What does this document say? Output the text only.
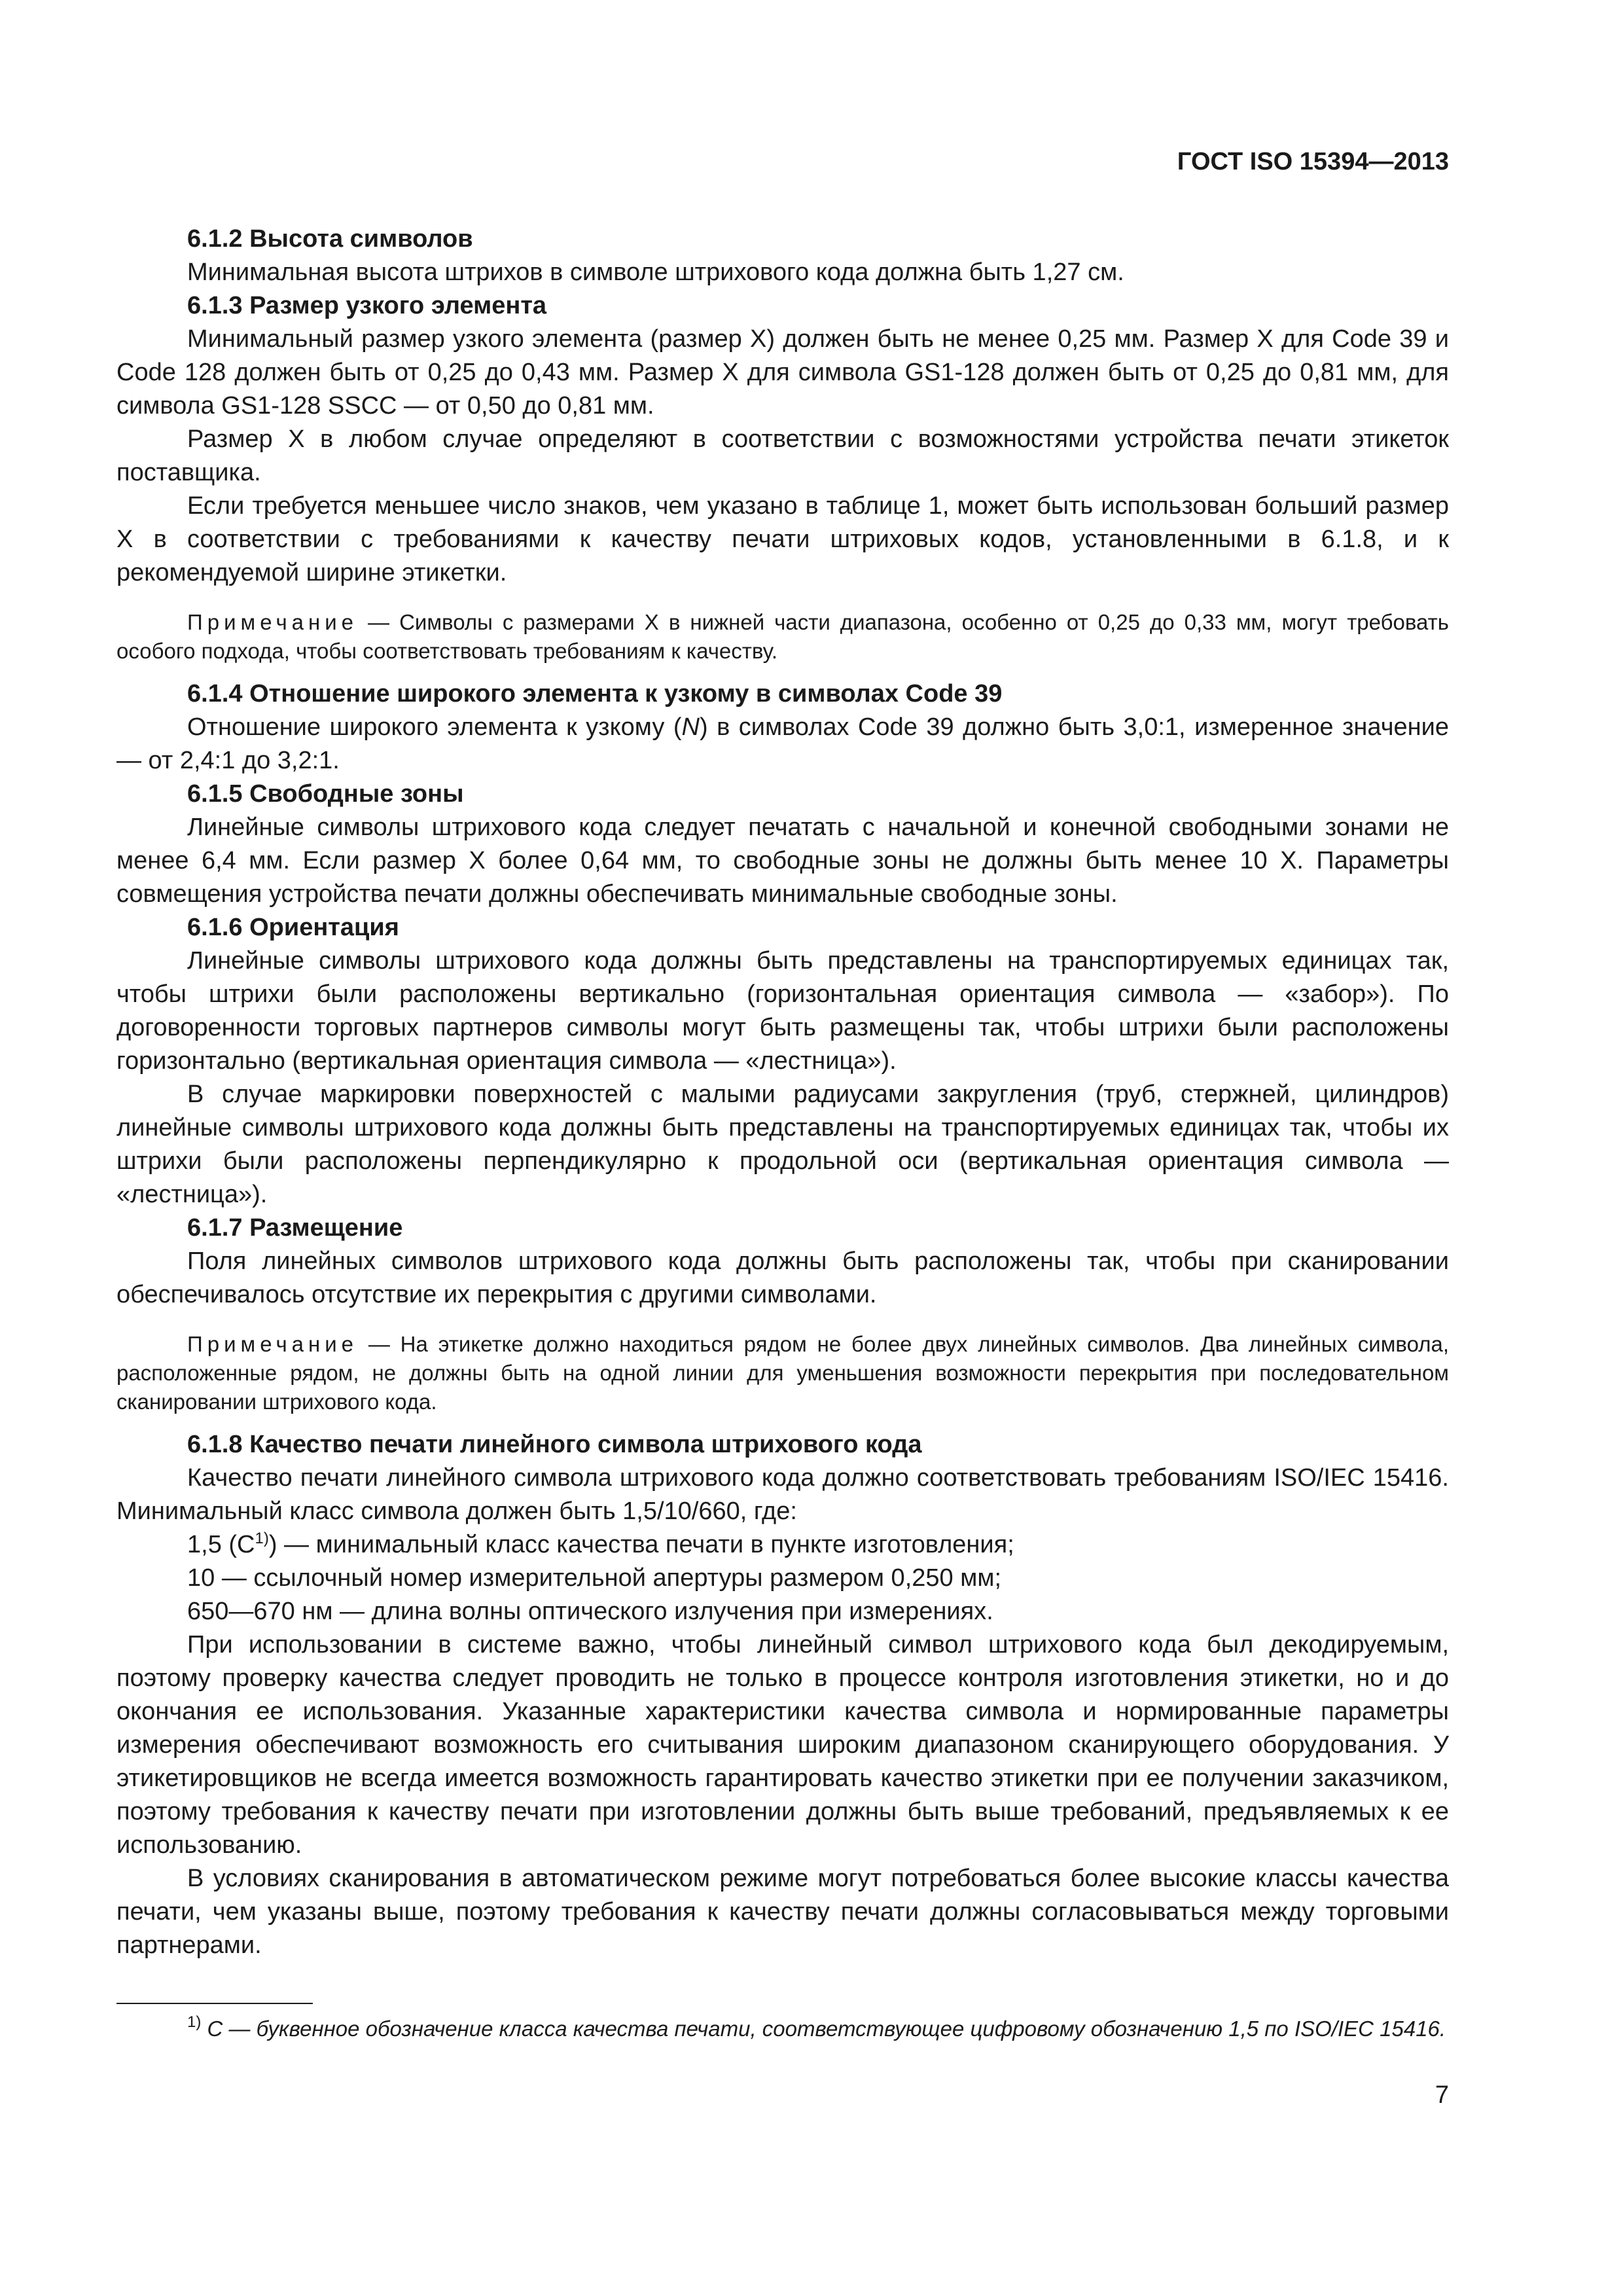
ГОСТ ISO 15394—2013

6.1.2 Высота символов

Минимальная высота штрихов в символе штрихового кода должна быть 1,27 см.

6.1.3 Размер узкого элемента

Минимальный размер узкого элемента (размер X) должен быть не менее 0,25 мм. Размер X для Code 39 и Code 128 должен быть от 0,25 до 0,43 мм. Размер X для символа GS1-128 должен быть от 0,25 до 0,81 мм, для символа GS1-128 SSCC — от 0,50 до 0,81 мм.

Размер X в любом случае определяют в соответствии с возможностями устройства печати этикеток поставщика.

Если требуется меньшее число знаков, чем указано в таблице 1, может быть использован больший размер X в соответствии с требованиями к качеству печати штриховых кодов, установленными в 6.1.8, и к рекомендуемой ширине этикетки.

Примечание — Символы с размерами X в нижней части диапазона, особенно от 0,25 до 0,33 мм, могут требовать особого подхода, чтобы соответствовать требованиям к качеству.

6.1.4 Отношение широкого элемента к узкому в символах Code 39

Отношение широкого элемента к узкому (N) в символах Code 39 должно быть 3,0:1, измеренное значение — от 2,4:1 до 3,2:1.

6.1.5 Свободные зоны

Линейные символы штрихового кода следует печатать с начальной и конечной свободными зонами не менее 6,4 мм. Если размер X более 0,64 мм, то свободные зоны не должны быть менее 10 X. Параметры совмещения устройства печати должны обеспечивать минимальные свободные зоны.

6.1.6 Ориентация

Линейные символы штрихового кода должны быть представлены на транспортируемых единицах так, чтобы штрихи были расположены вертикально (горизонтальная ориентация символа — «забор»). По договоренности торговых партнеров символы могут быть размещены так, чтобы штрихи были расположены горизонтально (вертикальная ориентация символа — «лестница»).

В случае маркировки поверхностей с малыми радиусами закругления (труб, стержней, цилиндров) линейные символы штрихового кода должны быть представлены на транспортируемых единицах так, чтобы их штрихи были расположены перпендикулярно к продольной оси (вертикальная ориентация символа — «лестница»).

6.1.7 Размещение

Поля линейных символов штрихового кода должны быть расположены так, чтобы при сканировании обеспечивалось отсутствие их перекрытия с другими символами.

Примечание — На этикетке должно находиться рядом не более двух линейных символов. Два линейных символа, расположенные рядом, не должны быть на одной линии для уменьшения возможности перекрытия при последовательном сканировании штрихового кода.

6.1.8 Качество печати линейного символа штрихового кода

Качество печати линейного символа штрихового кода должно соответствовать требованиям ISO/IEC 15416. Минимальный класс символа должен быть 1,5/10/660, где:

1,5 $(C^{1)})$ — минимальный класс качества печати в пункте изготовления;

10 — ссылочный номер измерительной апертуры размером 0,250 мм;

650—670 нм — длина волны оптического излучения при измерениях.

При использовании в системе важно, чтобы линейный символ штрихового кода был декодируемым, поэтому проверку качества следует проводить не только в процессе контроля изготовления этикетки, но и до окончания ее использования. Указанные характеристики качества символа и нормированные параметры измерения обеспечивают возможность его считывания широким диапазоном сканирующего оборудования. У этикетировщиков не всегда имеется возможность гарантировать качество этикетки при ее получении заказчиком, поэтому требования к качеству печати при изготовлении должны быть выше требований, предъявляемых к ее использованию.

В условиях сканирования в автоматическом режиме могут потребоваться более высокие классы качества печати, чем указаны выше, поэтому требования к качеству печати должны согласовываться между торговыми партнерами.

$^{1)}$ C — буквенное обозначение класса качества печати, соответствующее цифровому обозначению 1,5 по ISO/IEC 15416.
7
